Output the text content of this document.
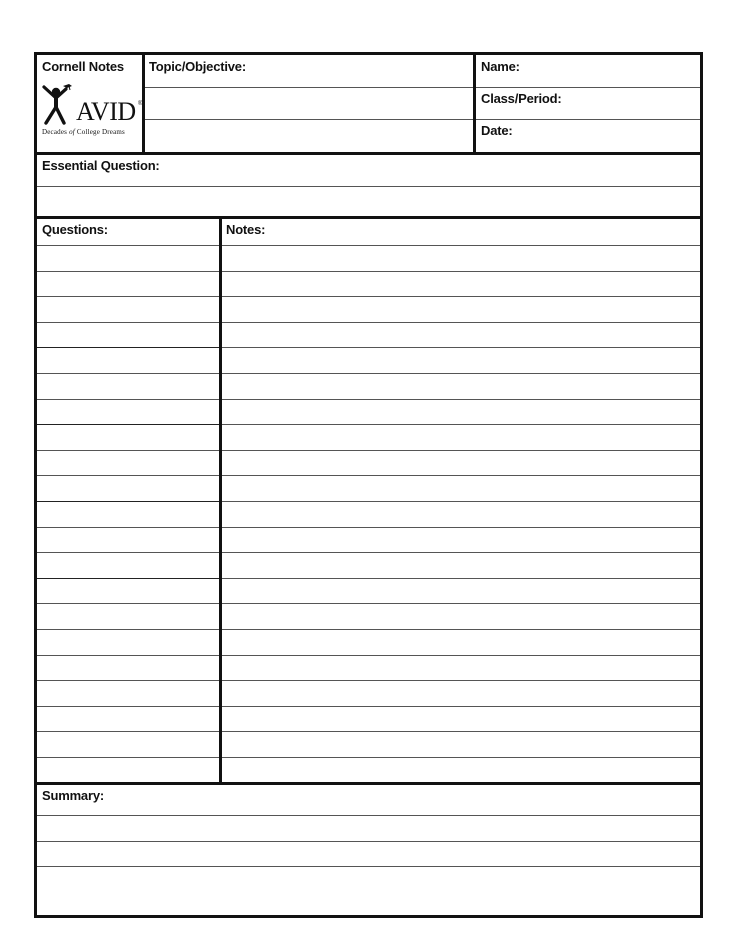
Cornell Notes
AVID ®
Decades of College Dreams
Topic/Objective:	Name:
Class/Period:
Date:
Essential Question:
Questions:	Notes:
Summary:
